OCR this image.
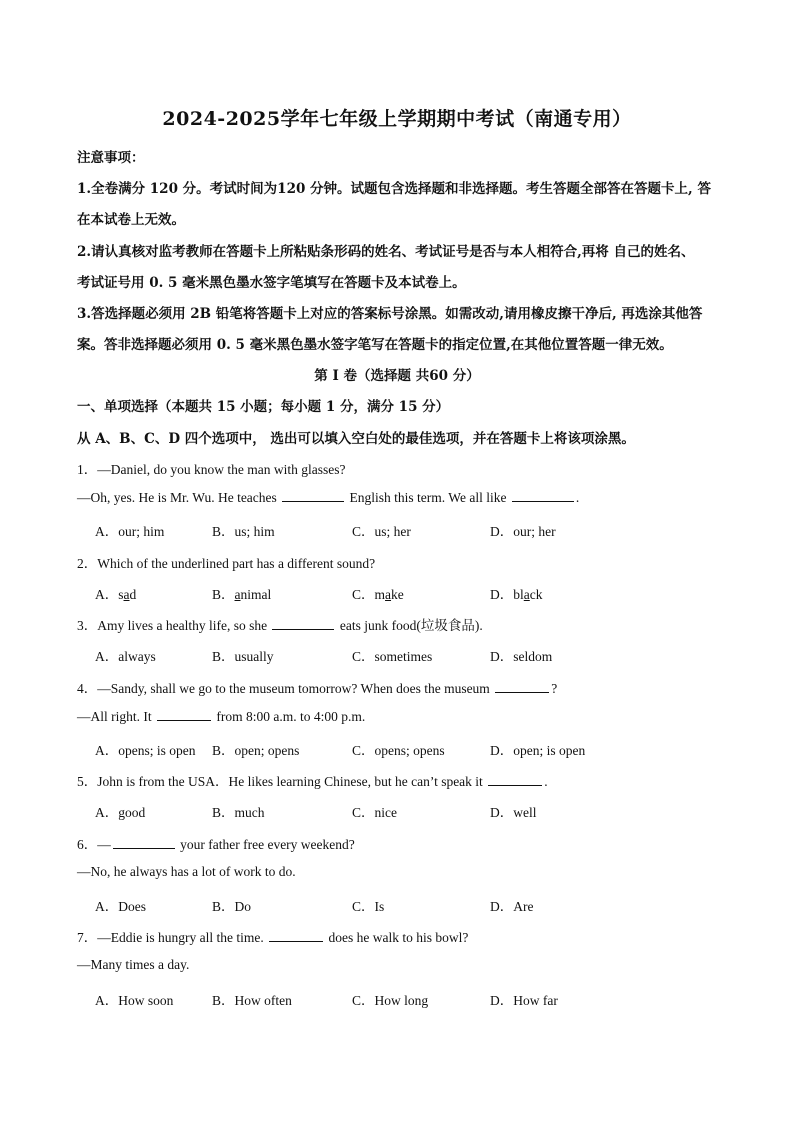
2024-2025学年七年级上学期期中考试（南通专用）
注意事项：
1.全卷满分 120 分。考试时间为120 分钟。试题包含选择题和非选择题。考生答题全部答在答题卡上, 答
在本试卷上无效。
2.请认真核对监考教师在答题卡上所粘贴条形码的姓名、考试证号是否与本人相符合,再将 自己的姓名、
考试证号用 0. 5 毫米黑色墨水签字笔填写在答题卡及本试卷上。
3.答选择题必须用 2B 铅笔将答题卡上对应的答案标号涂黑。如需改动,请用橡皮擦干净后, 再选涂其他答
案。答非选择题必须用 0. 5 毫米黑色墨水签字笔写在答题卡的指定位置,在其他位置答题一律无效。
第 I 卷（选择题 共60 分）
一、单项选择（本题共 15 小题；每小题 1 分，满分 15 分）
从 A、B、C、D 四个选项中， 选出可以填入空白处的最佳选项，并在答题卡上将该项涂黑。
1．—Daniel, do you know the man with glasses?
—Oh, yes. He is Mr. Wu. He teaches	English this term. We all like	.
A．our; him	B．us; him	C．us; her	D．our; her
2．Which of the underlined part has a different sound?
A．sad	B．animal	C．make	D．black
3．Amy lives a healthy life, so she	eats junk food(垃圾食品).
A．always	B．usually	C．sometimes	D．seldom
4．—Sandy, shall we go to the museum tomorrow? When does the museum	?
—All right. It	from 8:00 a.m. to 4:00 p.m.
A．opens; is open B．open; opens	C．opens; opens	D．open; is open
5．John is from the USA．He likes learning Chinese, but he can’t speak it	.
A．good	B．much	C．nice	D．well
6．—	your father free every weekend?
—No, he always has a lot of work to do.
A．Does	B．Do	C．Is	D．Are
7．—Eddie is hungry all the time.	does he walk to his bowl?
—Many times a day.
A．How soon	B．How often	C．How long	D．How far
